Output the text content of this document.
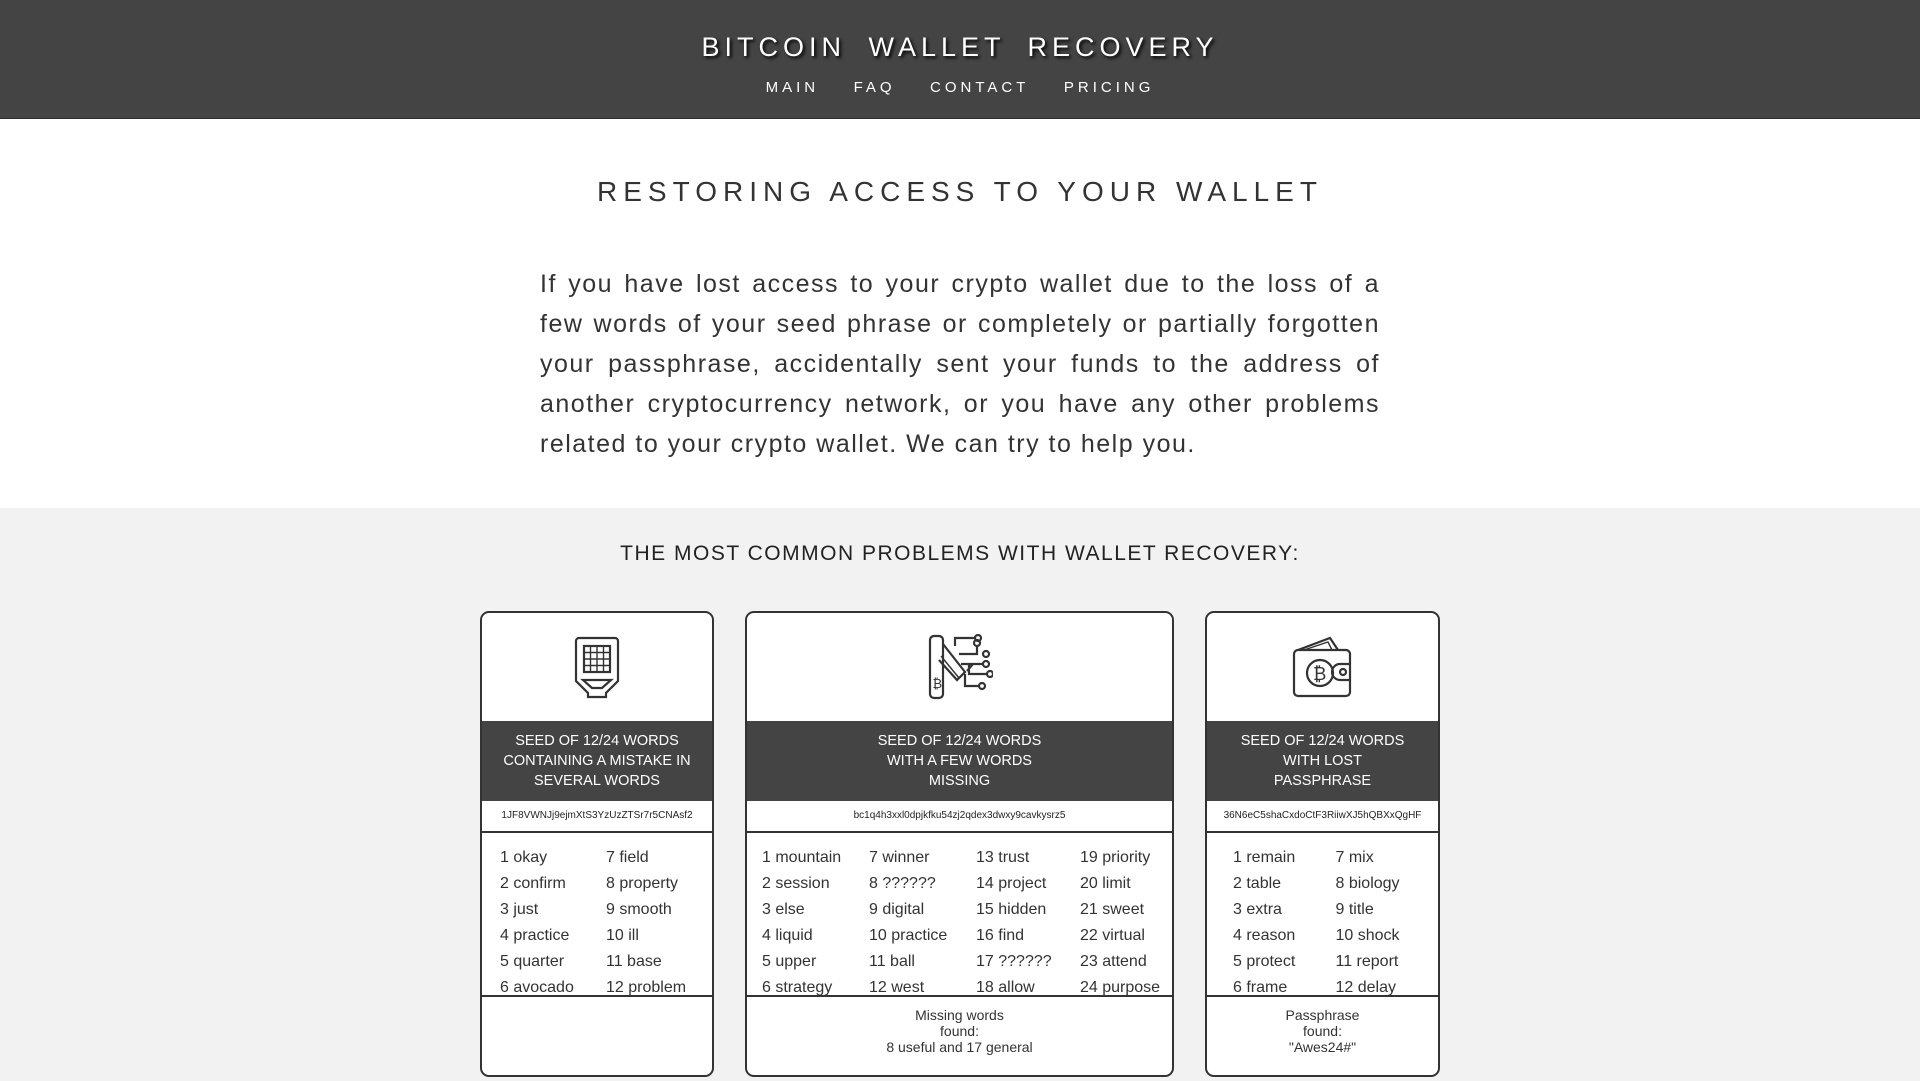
BITCOIN WALLET RECOVERY
MAIN FAQ CONTACT PRICING
RESTORING ACCESS TO YOUR WALLET

If you have lost access to your crypto wallet due to the loss of a few words of your seed phrase or completely or partially forgotten your passphrase, accidentally sent your funds to the address of another cryptocurrency network, or you have any other problems related to your crypto wallet. We can try to help you.

THE MOST COMMON PROBLEMS WITH WALLET RECOVERY:
SEED OF 12/24 WORDS
CONTAINING A MISTAKE IN
SEVERAL WORDS
1JF8VWNJj9ejmXtS3YzUzZTSr7r5CNAsf2
1 okay
2 confirm
3 just
4 practice
5 quarter
6 avocado
7 field
8 property
9 smooth
10 ill
11 base
12 problem
₿
SEED OF 12/24 WORDS
WITH A FEW WORDS
MISSING
bc1q4h3xxl0dpjkfku54zj2qdex3dwxy9cavkysrz5
1 mountain
2 session
3 else
4 liquid
5 upper
6 strategy
7 winner
8 ??????
9 digital
10 practice
11 ball
12 west
13 trust
14 project
15 hidden
16 find
17 ??????
18 allow
19 priority
20 limit
21 sweet
22 virtual
23 attend
24 purpose
Missing words
found:
8 useful and 17 general
₿
SEED OF 12/24 WORDS
WITH LOST
PASSPHRASE
36N6eC5shaCxdoCtF3RiiwXJ5hQBXxQgHF
1 remain
2 table
3 extra
4 reason
5 protect
6 frame
7 mix
8 biology
9 title
10 shock
11 report
12 delay
Passphrase
found:
"Awes24#"
